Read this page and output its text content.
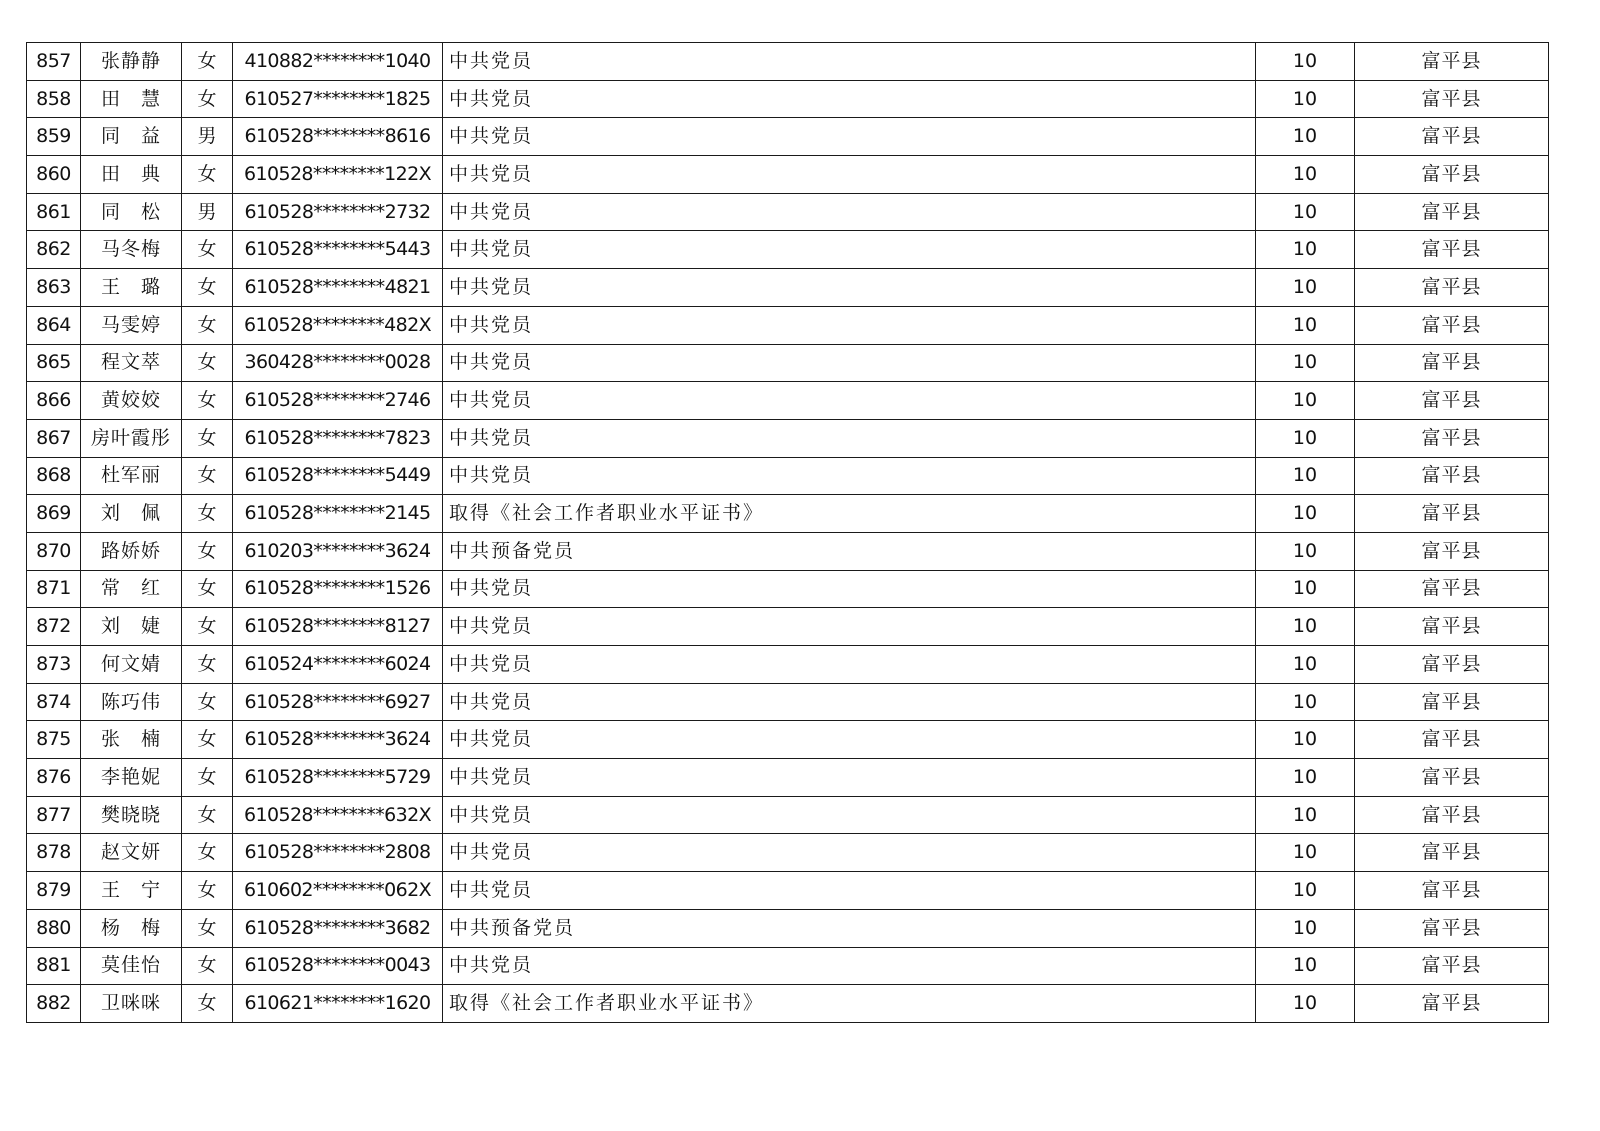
857	张静静	女	410882********1040	中共党员	10	富平县
858	田　慧	女	610527********1825	中共党员	10	富平县
859	同　益	男	610528********8616	中共党员	10	富平县
860	田　典	女	610528********122X	中共党员	10	富平县
861	同　松	男	610528********2732	中共党员	10	富平县
862	马冬梅	女	610528********5443	中共党员	10	富平县
863	王　璐	女	610528********4821	中共党员	10	富平县
864	马雯婷	女	610528********482X	中共党员	10	富平县
865	程文萃	女	360428********0028	中共党员	10	富平县
866	黄姣姣	女	610528********2746	中共党员	10	富平县
867	房叶霞彤	女	610528********7823	中共党员	10	富平县
868	杜军丽	女	610528********5449	中共党员	10	富平县
869	刘　佩	女	610528********2145	取得《社会工作者职业水平证书》	10	富平县
870	路娇娇	女	610203********3624	中共预备党员	10	富平县
871	常　红	女	610528********1526	中共党员	10	富平县
872	刘　婕	女	610528********8127	中共党员	10	富平县
873	何文婧	女	610524********6024	中共党员	10	富平县
874	陈巧伟	女	610528********6927	中共党员	10	富平县
875	张　楠	女	610528********3624	中共党员	10	富平县
876	李艳妮	女	610528********5729	中共党员	10	富平县
877	樊晓晓	女	610528********632X	中共党员	10	富平县
878	赵文妍	女	610528********2808	中共党员	10	富平县
879	王　宁	女	610602********062X	中共党员	10	富平县
880	杨　梅	女	610528********3682	中共预备党员	10	富平县
881	莫佳怡	女	610528********0043	中共党员	10	富平县
882	卫咪咪	女	610621********1620	取得《社会工作者职业水平证书》	10	富平县
